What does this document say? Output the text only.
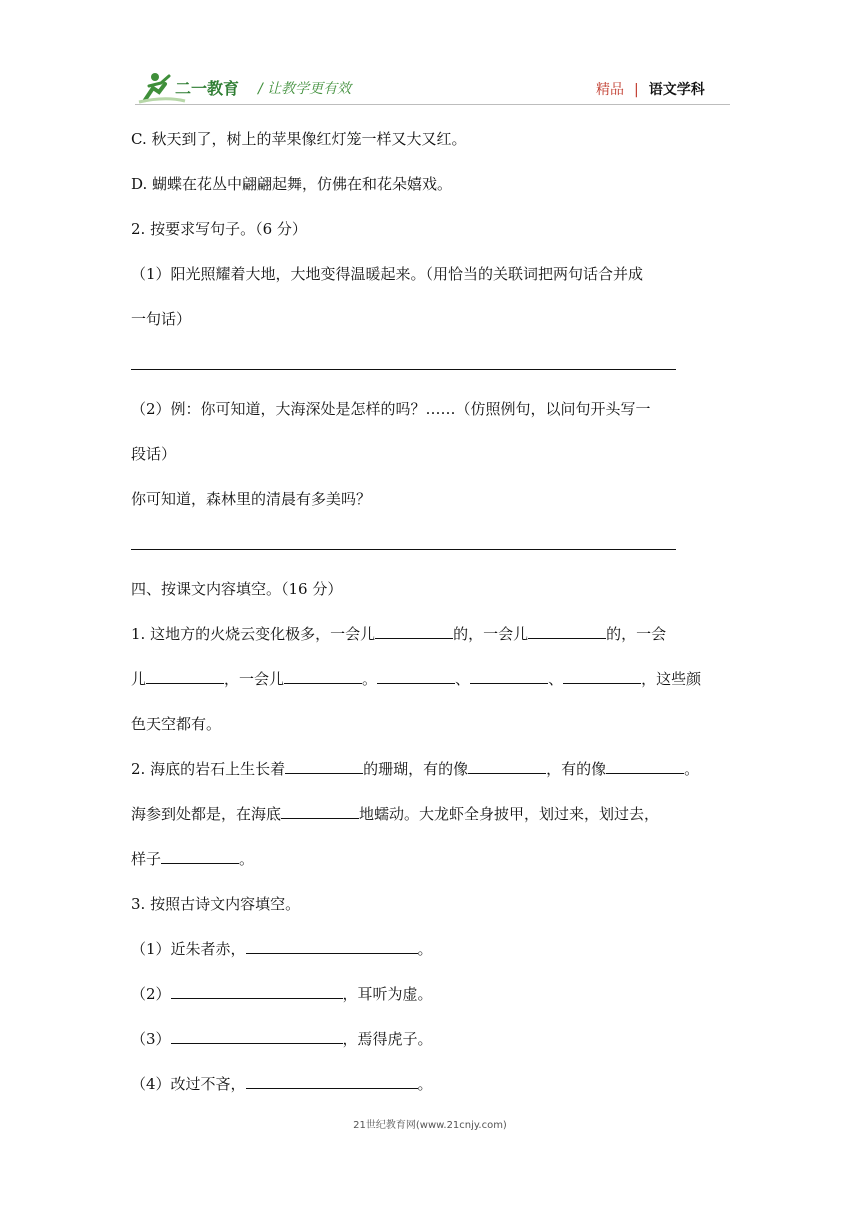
二一教育 / 让教学更有效	精品 | 语文学科
C. 秋天到了，树上的苹果像红灯笼一样又大又红。
D. 蝴蝶在花丛中翩翩起舞，仿佛在和花朵嬉戏。
2. 按要求写句子。（6 分）
（1）阳光照耀着大地，大地变得温暖起来。（用恰当的关联词把两句话合并成
一句话）
（2）例：你可知道，大海深处是怎样的吗？……（仿照例句，以问句开头写一
段话）
你可知道，森林里的清晨有多美吗？
四、按课文内容填空。（16 分）
1. 这地方的火烧云变化极多，一会儿	的，一会儿	的，一会
儿	，一会儿	。	、	、	，这些颜
色天空都有。
2. 海底的岩石上生长着	的珊瑚，有的像	，有的像	。
海参到处都是，在海底	地蠕动。大龙虾全身披甲，划过来，划过去，
样子	。
3. 按照古诗文内容填空。
（1）近朱者赤，	。
（2）	，耳听为虚。
（3）	，焉得虎子。
（4）改过不吝，	。
21世纪教育网(www.21cnjy.com)
